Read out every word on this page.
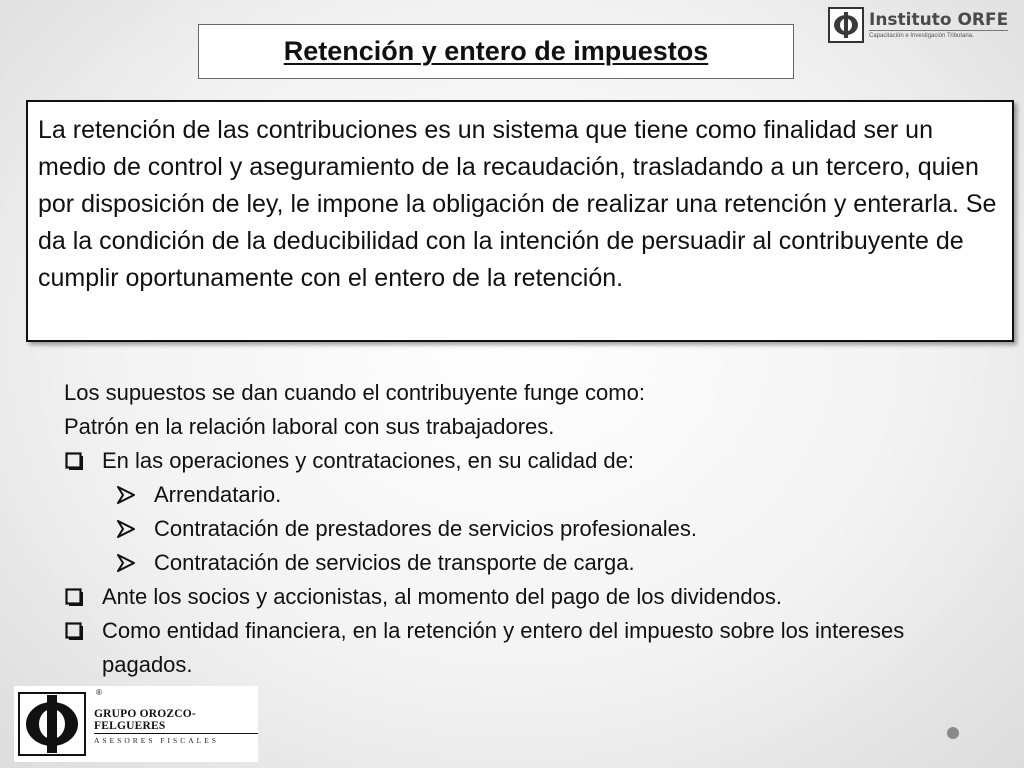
Retención y entero de impuestos
Instituto ORFE
Capacitación e Investigación Tributaria.

La retención de las contribuciones es un sistema que tiene como finalidad ser un medio de control y aseguramiento de la recaudación, trasladando a un tercero, quien por disposición de ley, le impone la obligación de realizar una retención y enterarla. Se da la condición de la deducibilidad con la intención de persuadir al contribuyente de cumplir oportunamente con el entero de la retención.

Los supuestos se dan cuando el contribuyente funge como:
Patrón en la relación laboral con sus trabajadores.
En las operaciones y contrataciones, en su calidad de:
Arrendatario.
Contratación de prestadores de servicios profesionales.
Contratación de servicios de transporte de carga.
Ante los socios y accionistas, al momento del pago de los dividendos.
Como entidad financiera, en la retención y entero del impuesto sobre los intereses pagados.
®
GRUPO OROZCO-FELGUERES
ASESORES FISCALES
